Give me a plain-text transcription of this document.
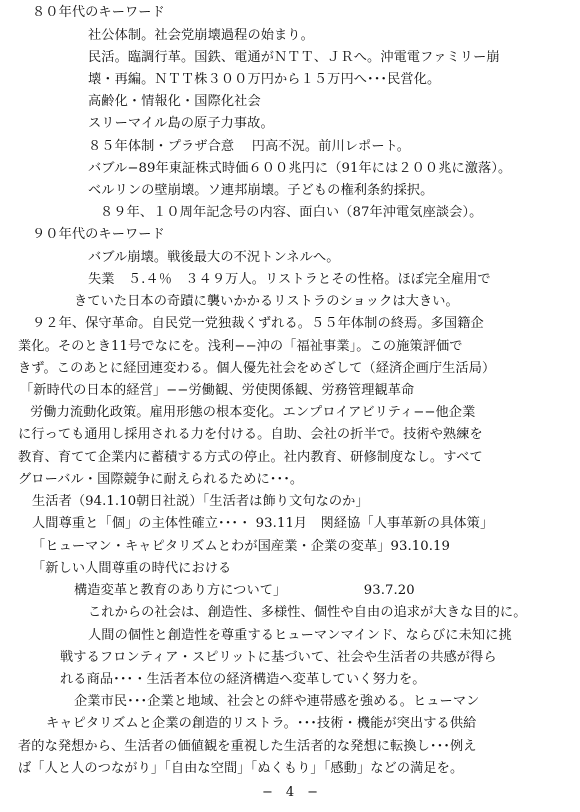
８０年代のキーワード
社公体制。社会党崩壊過程の始まり。
民活。臨調行革。国鉄、電通がＮＴＴ、ＪＲへ。沖電電ファミリー崩
壊・再編。ＮＴＴ株３００万円から１５万円へ･･･民営化。
高齢化・情報化・国際化社会
スリーマイル島の原子力事故。
８５年体制・プラザ合意　 円高不況。前川レポート。
バブル−89年東証株式時価６００兆円に（91年には２００兆に激落）。
ベルリンの壁崩壊。ソ連邦崩壊。子どもの権利条約採択。
８９年、１０周年記念号の内容、面白い（87年沖電気座談会）。
９０年代のキーワード
バブル崩壊。戦後最大の不況トンネルへ。
失業　５.４％　３４９万人。リストラとその性格。ほぼ完全雇用で
きていた日本の奇蹟に襲いかかるリストラのショックは大きい。
９２年、保守革命。自民党一党独裁くずれる。５５年体制の終焉。多国籍企
業化。そのとき11号でなにを。浅利−−沖の「福祉事業」。この施策評価で
きず。このあとに経団連変わる。個人優先社会をめざして（経済企画庁生活局）
「新時代の日本的経営」−−労働観、労使関係観、労務管理観革命
労働力流動化政策。雇用形態の根本変化。エンプロイアビリティ−−他企業
に行っても通用し採用される力を付ける。自助、会社の折半で。技術や熟練を
教育、育てて企業内に蓄積する方式の停止。社内教育、研修制度なし。すべて
グローバル・国際競争に耐えられるために･･･。
生活者（94.1.10朝日社説）「生活者は飾り文句なのか」
人間尊重と「個」の主体性確立･･･・ 93.11月　関経協「人事革新の具体策」
「ヒューマン・キャピタリズムとわが国産業・企業の変革」93.10.19
「新しい人間尊重の時代における
構造変革と教育のあり方について」　　　　　　 93.7.20
これからの社会は、創造性、多様性、個性や自由の追求が大きな目的に。
人間の個性と創造性を尊重するヒューマンマインド、ならびに未知に挑
戦するフロンティア・スピリットに基づいて、社会や生活者の共感が得ら
れる商品･･･・生活者本位の経済構造へ変革していく努力を。
企業市民･･･企業と地域、社会との絆や連帯感を強める。ヒューマン
キャピタリズムと企業の創造的リストラ。･･･技術・機能が突出する供給
者的な発想から、生活者の価値観を重視した生活者的な発想に転換し･･･例え
ば「人と人のつながり」「自由な空間」「ぬくもり」「感動」などの満足を。
−　4　−
